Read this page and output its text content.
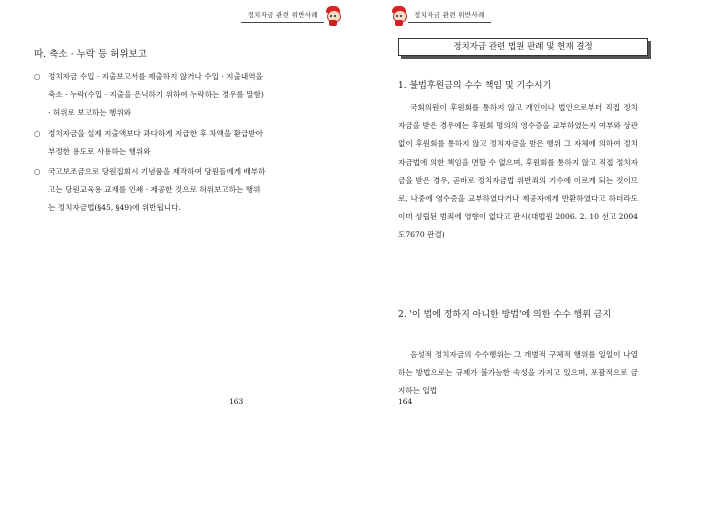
정치자금 관련 위반사례
따. 축소 · 누락 등 허위보고
○ 정치자금 수입 · 지출보고서를 제출하지 않거나 수입 · 지출내역을 축소 · 누락(수입 · 지출을 은닉하기 위하여 누락하는 경우를 말함) · 허위로 보고하는 행위와
○ 정치자금을 실제 지출액보다 과다하게 지급한 후 차액을 환급받아 부정한 용도로 사용하는 행위와
○ 국고보조금으로 당원집회시 기념품을 제작하여 당원들에게 배부하고는 당원교육용 교재를 인쇄 · 제공한 것으로 허위보고하는 행위는 정치자금법(§45, §49)에 위반됩니다.
163
정치자금 관련 위반사례
정치자금 관련 법원 판례 및 헌재 결정
1. 불법후원금의 수수 책임 및 기수시기

국회의원이 후원회를 통하지 않고 개인이나 법인으로부터 직접 정치자금을 받은 경우에는 후원회 명의의 영수증을 교부하였는지 여부와 상관없이 후원회를 통하지 않고 정치자금을 받은 행위 그 자체에 의하여 정치자금법에 의한 책임을 면할 수 없으며, 후원회를 통하지 않고 직접 정치자금을 받은 경우, 곧바로 정치자금법 위반죄의 기수에 이르게 되는 것이므로, 나중에 영수증을 교부하였다거나 제공자에게 반환하였다고 하더라도 이미 성립된 범죄에 영향이 없다고 판시(대법원 2006. 2. 10 선고 2004도7670 판결)

2. '이 법에 정하지 아니한 방법'에 의한 수수 행위 금지

음성적 정치자금의 수수행위는 그 개별적 구체적 행위를 일일이 나열하는 방법으로는 규제가 불가능한 속성을 가지고 있으며, 포괄적으로 금지하는 입법

164
